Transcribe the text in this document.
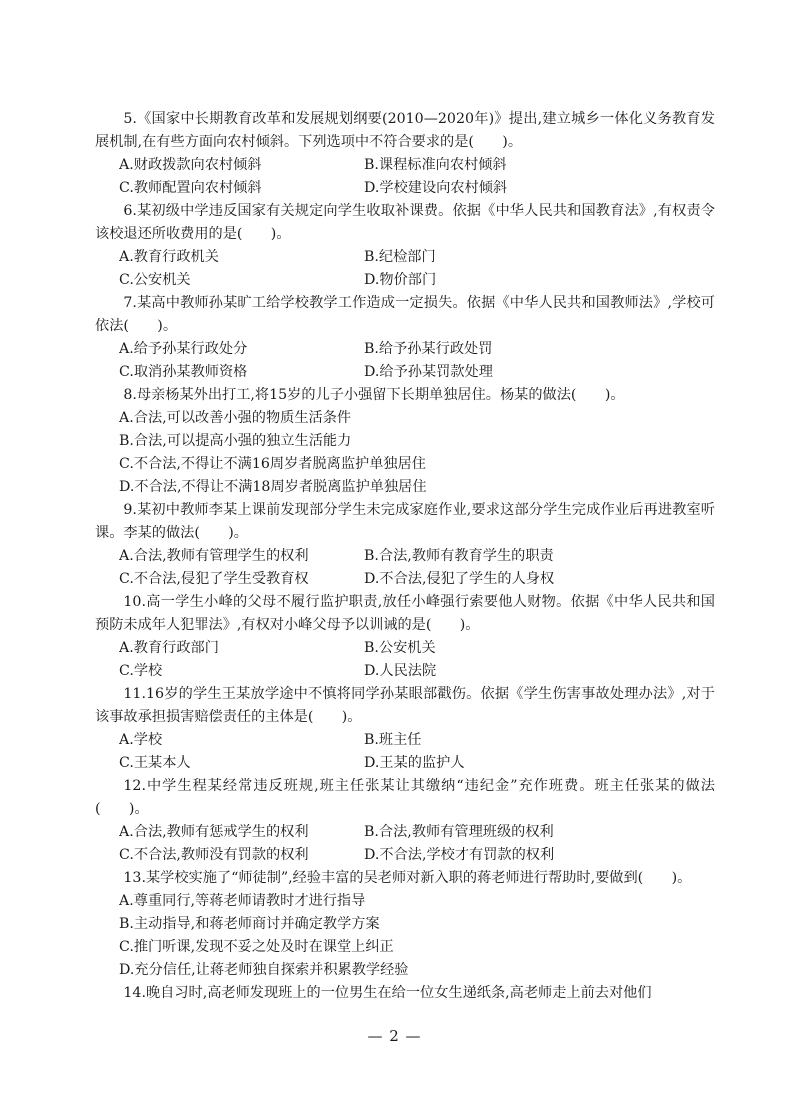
5.《国家中长期教育改革和发展规划纲要(2010—2020年)》提出,建立城乡一体化义务教育发展机制,在有些方面向农村倾斜。下列选项中不符合要求的是(　　)。

A.财政拨款向农村倾斜	B.课程标准向农村倾斜
C.教师配置向农村倾斜	D.学校建设向农村倾斜

6.某初级中学违反国家有关规定向学生收取补课费。依据《中华人民共和国教育法》,有权责令该校退还所收费用的是(　　)。

A.教育行政机关	B.纪检部门
C.公安机关	D.物价部门

7.某高中教师孙某旷工给学校教学工作造成一定损失。依据《中华人民共和国教师法》,学校可依法(　　)。

A.给予孙某行政处分	B.给予孙某行政处罚
C.取消孙某教师资格	D.给予孙某罚款处理

8.母亲杨某外出打工,将15岁的儿子小强留下长期单独居住。杨某的做法(　　)。

A.合法,可以改善小强的物质生活条件
B.合法,可以提高小强的独立生活能力
C.不合法,不得让不满16周岁者脱离监护单独居住
D.不合法,不得让不满18周岁者脱离监护单独居住

9.某初中教师李某上课前发现部分学生未完成家庭作业,要求这部分学生完成作业后再进教室听课。李某的做法(　　)。

A.合法,教师有管理学生的权利	B.合法,教师有教育学生的职责
C.不合法,侵犯了学生受教育权	D.不合法,侵犯了学生的人身权

10.高一学生小峰的父母不履行监护职责,放任小峰强行索要他人财物。依据《中华人民共和国预防未成年人犯罪法》,有权对小峰父母予以训诫的是(　　)。

A.教育行政部门	B.公安机关
C.学校	D.人民法院

11.16岁的学生王某放学途中不慎将同学孙某眼部戳伤。依据《学生伤害事故处理办法》,对于该事故承担损害赔偿责任的主体是(　　)。

A.学校	B.班主任
C.王某本人	D.王某的监护人

12.中学生程某经常违反班规,班主任张某让其缴纳“违纪金”充作班费。班主任张某的做法(　　)。

A.合法,教师有惩戒学生的权利	B.合法,教师有管理班级的权利
C.不合法,教师没有罚款的权利	D.不合法,学校才有罚款的权利

13.某学校实施了“师徒制”,经验丰富的吴老师对新入职的蒋老师进行帮助时,要做到(　　)。

A.尊重同行,等蒋老师请教时才进行指导
B.主动指导,和蒋老师商讨并确定教学方案
C.推门听课,发现不妥之处及时在课堂上纠正
D.充分信任,让蒋老师独自探索并积累教学经验

14.晚自习时,高老师发现班上的一位男生在给一位女生递纸条,高老师走上前去对他们

— 2 —
